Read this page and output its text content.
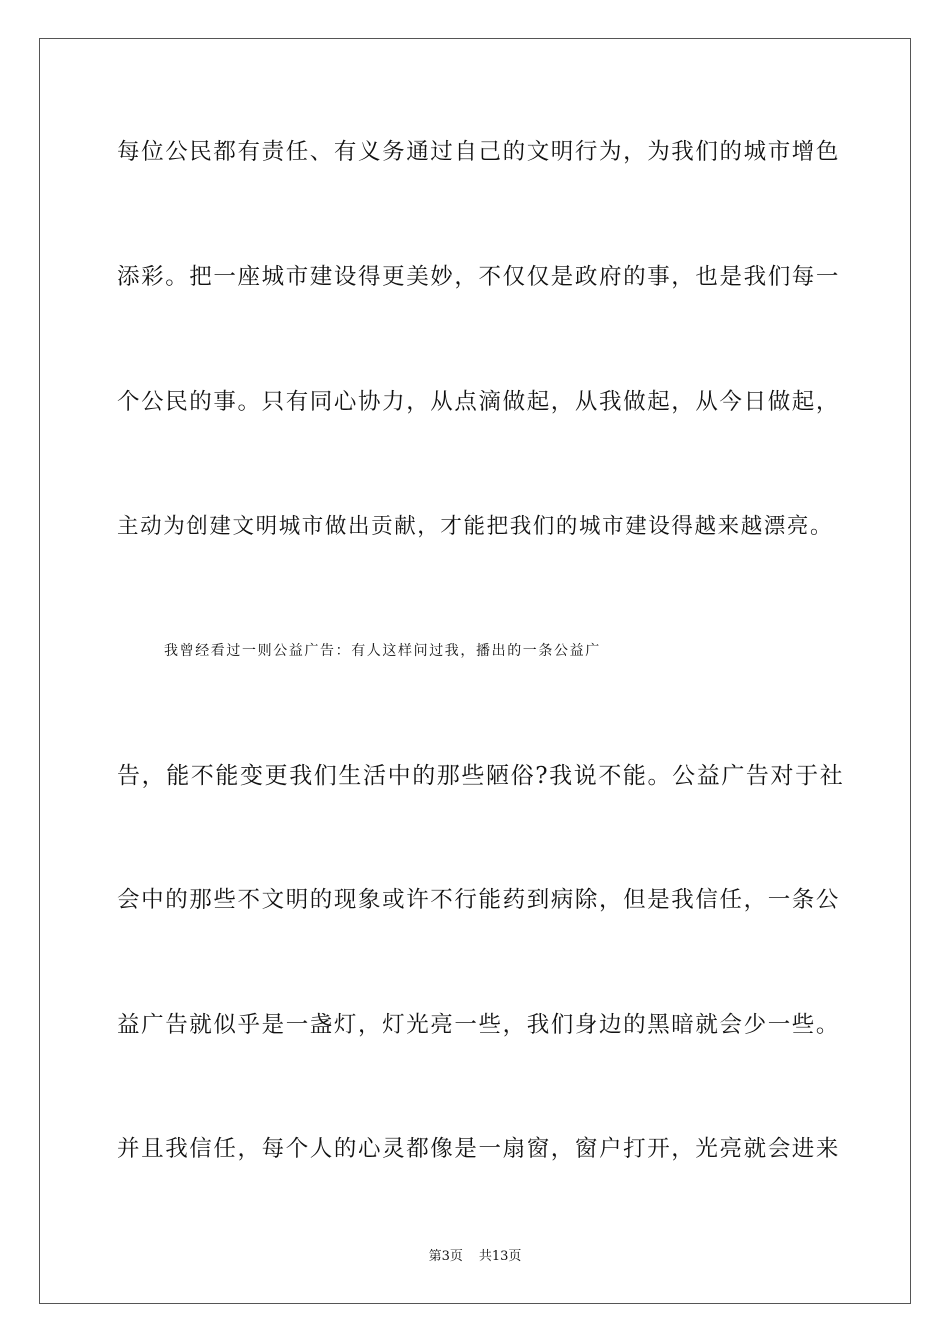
每位公民都有责任、有义务通过自己的文明行为，为我们的城市增色
添彩。把一座城市建设得更美妙，不仅仅是政府的事，也是我们每一
个公民的事。只有同心协力，从点滴做起，从我做起，从今日做起，
主动为创建文明城市做出贡献，才能把我们的城市建设得越来越漂亮。
我曾经看过一则公益广告：有人这样问过我，播出的一条公益广
告，能不能变更我们生活中的那些陋俗?我说不能。公益广告对于社
会中的那些不文明的现象或许不行能药到病除，但是我信任，一条公
益广告就似乎是一盏灯，灯光亮一些，我们身边的黑暗就会少一些。
并且我信任，每个人的心灵都像是一扇窗，窗户打开，光亮就会进来
第3页 共13页
